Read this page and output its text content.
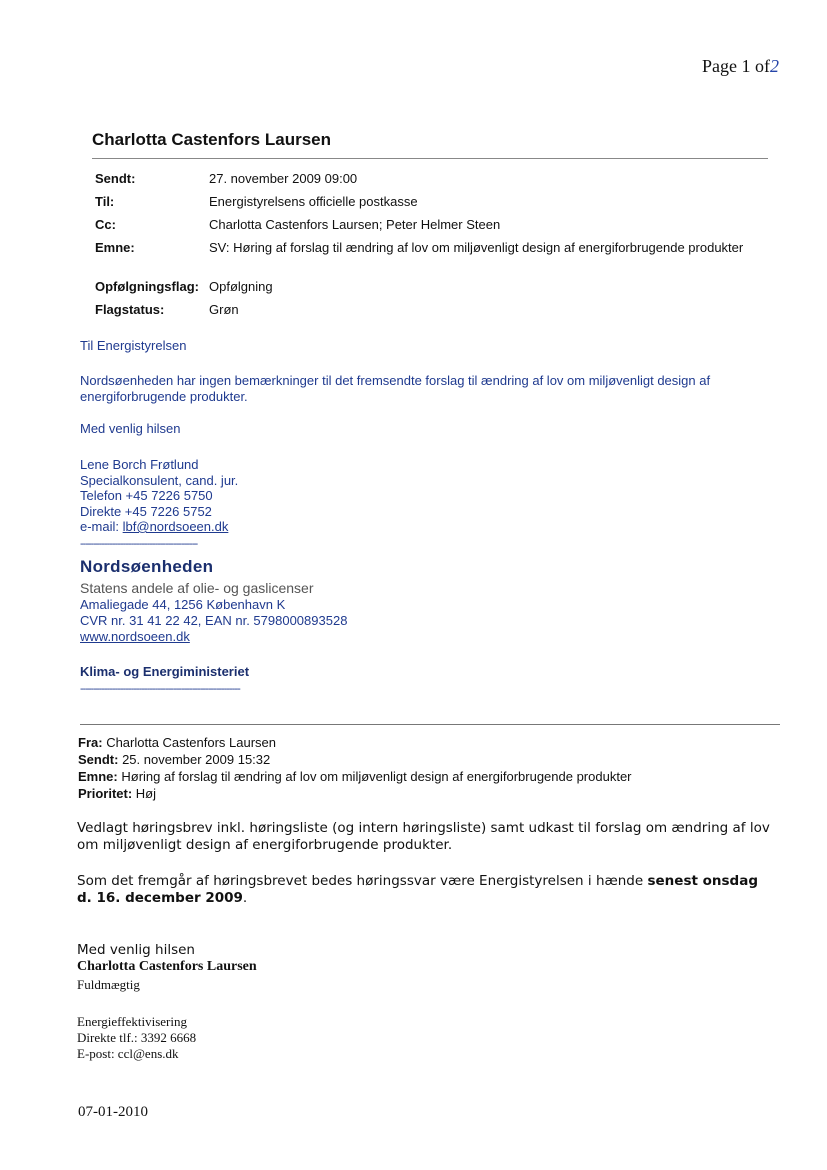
Page 1 of2
Charlotta Castenfors Laursen
Sendt:	27. november 2009 09:00
Til:	Energistyrelsens officielle postkasse
Cc:	Charlotta Castenfors Laursen; Peter Helmer Steen
Emne:	SV: Høring af forslag til ændring af lov om miljøvenligt design af energiforbrugende produkter
Opfølgningsflag: Opfølgning
Flagstatus:	Grøn
Til Energistyrelsen
Nordsøenheden har ingen bemærkninger til det fremsendte forslag til ændring af lov om miljøvenligt design af energiforbrugende produkter.
Med venlig hilsen
Lene Borch Frøtlund
Specialkonsulent, cand. jur.
Telefon +45 7226 5750
Direkte +45 7226 5752
e-mail: lbf@nordsoeen.dk
--------------------------------------------
Nordsøenheden
Statens andele af olie- og gaslicenser
Amaliegade 44, 1256 København K
CVR nr. 31 41 22 42, EAN nr. 5798000893528
www.nordsoeen.dk
Klima- og Energiministeriet
------------------------------------------------------------
Fra: Charlotta Castenfors Laursen
Sendt: 25. november 2009 15:32
Emne: Høring af forslag til ændring af lov om miljøvenligt design af energiforbrugende produkter
Prioritet: Høj
Vedlagt høringsbrev inkl. høringsliste (og intern høringsliste) samt udkast til forslag om ændring af lov om miljøvenligt design af energiforbrugende produkter.
Som det fremgår af høringsbrevet bedes høringssvar være Energistyrelsen i hænde senest onsdag d. 16. december 2009.
Med venlig hilsen
Charlotta Castenfors Laursen
Fuldmægtig
Energieffektivisering
Direkte tlf.: 3392 6668
E-post: ccl@ens.dk
07-01-2010
